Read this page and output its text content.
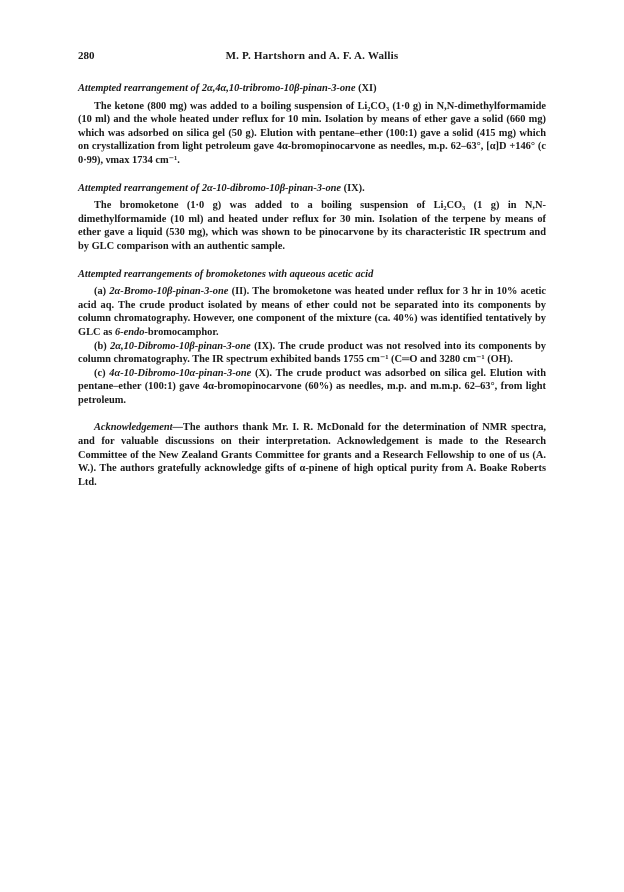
280	M. P. Hartshorn and A. F. A. Wallis
Attempted rearrangement of 2α,4α,10-tribromo-10β-pinan-3-one (XI)

The ketone (800 mg) was added to a boiling suspension of Li₂CO₃ (1·0 g) in N,N-dimethylformamide (10 ml) and the whole heated under reflux for 10 min. Isolation by means of ether gave a solid (660 mg) which was adsorbed on silica gel (50 g). Elution with pentane–ether (100:1) gave a solid (415 mg) which on crystallization from light petroleum gave 4α-bromopinocarvone as needles, m.p. 62–63°, [α]D +146° (c 0·99), νmax 1734 cm⁻¹.

Attempted rearrangement of 2α-10-dibromo-10β-pinan-3-one (IX).

The bromoketone (1·0 g) was added to a boiling suspension of Li₂CO₃ (1 g) in N,N-dimethylformamide (10 ml) and heated under reflux for 30 min. Isolation of the terpene by means of ether gave a liquid (530 mg), which was shown to be pinocarvone by its characteristic IR spectrum and by GLC comparison with an authentic sample.

Attempted rearrangements of bromoketones with aqueous acetic acid

(a) 2α-Bromo-10β-pinan-3-one (II). The bromoketone was heated under reflux for 3 hr in 10% acetic acid aq. The crude product isolated by means of ether could not be separated into its components by column chromatography. However, one component of the mixture (ca. 40%) was identified tentatively by GLC as 6-endo-bromocamphor.

(b) 2α,10-Dibromo-10β-pinan-3-one (IX). The crude product was not resolved into its components by column chromatography. The IR spectrum exhibited bands 1755 cm⁻¹ (C═O and 3280 cm⁻¹ (OH).

(c) 4α-10-Dibromo-10α-pinan-3-one (X). The crude product was adsorbed on silica gel. Elution with pentane–ether (100:1) gave 4α-bromopinocarvone (60%) as needles, m.p. and m.m.p. 62–63°, from light petroleum.

Acknowledgement—The authors thank Mr. I. R. McDonald for the determination of NMR spectra, and for valuable discussions on their interpretation. Acknowledgement is made to the Research Committee of the New Zealand Grants Committee for grants and a Research Fellowship to one of us (A. W.). The authors gratefully acknowledge gifts of α-pinene of high optical purity from A. Boake Roberts Ltd.
